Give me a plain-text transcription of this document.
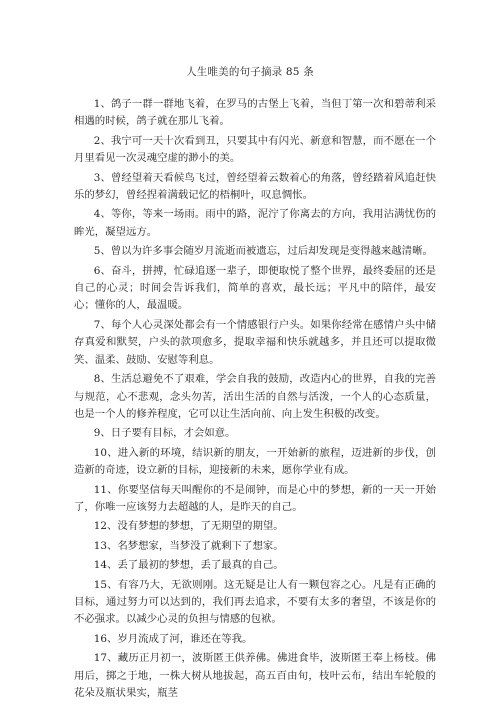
人生唯美的句子摘录 85 条

1、鸽子一群一群地飞着，在罗马的古堡上飞着，当但丁第一次和碧蒂利采相遇的时候，鸽子就在那儿飞着。

2、我宁可一天十次看到丑，只要其中有闪光、新意和智慧，而不愿在一个月里看见一次灵魂空虚的渺小的美。

3、曾经望着天看候鸟飞过，曾经望着云数着心的角落，曾经踏着风追赶快乐的梦幻，曾经捏着满载记忆的梧桐叶，叹息惆怅。

4、等你，等来一场雨。雨中的路，泥泞了你离去的方向，我用沾满忧伤的眸光，凝望远方。

5、曾以为许多事会随岁月流逝而被遗忘，过后却发现是变得越来越清晰。

6、奋斗，拼搏，忙碌追逐一辈子，即便取悦了整个世界，最终委屈的还是自己的心灵；时间会告诉我们，简单的喜欢，最长远；平凡中的陪伴，最安心；懂你的人，最温暖。

7、每个人心灵深处都会有一个情感银行户头。如果你经常在感情户头中储存真爱和默契，户头的款项愈多，提取幸福和快乐就越多，并且还可以提取微笑、温柔、鼓励、安慰等利息。

8、生活总避免不了艰难，学会自我的鼓励，改造内心的世界，自我的完善与规范，心不悲观，念头勿苦，活出生活的自然与活泼，一个人的心态质量，也是一个人的修养程度，它可以让生活向前、向上发生积极的改变。

9、日子要有目标，才会如意。

10、进入新的环境，结识新的朋友，一开始新的旅程，迈进新的步伐，创造新的奇迹，设立新的目标，迎接新的未来，愿你学业有成。

11、你要坚信每天叫醒你的不是闹钟，而是心中的梦想，新的一天一开始了，你唯一应该努力去超越的人，是昨天的自己。

12、没有梦想的梦想，了无期望的期望。

13、名梦想家，当梦没了就剩下了想家。

14、丢了最初的梦想，丢了最真的自己。

15、有容乃大，无欲则刚。这无疑是让人有一颗包容之心。凡是有正确的目标，通过努力可以达到的，我们再去追求，不要有太多的奢望，不该是你的不必强求。以减少心灵的负担与情感的包袱。

16、岁月流成了河，谁还在等我。

17、藏历正月初一，波斯匿王供养佛。佛进食毕，波斯匿王奉上杨枝。佛用后，掷之于地，一株大树从地拔起，高五百由旬，枝叶云布，结出车轮般的花朵及瓶状果实，瓶茎
